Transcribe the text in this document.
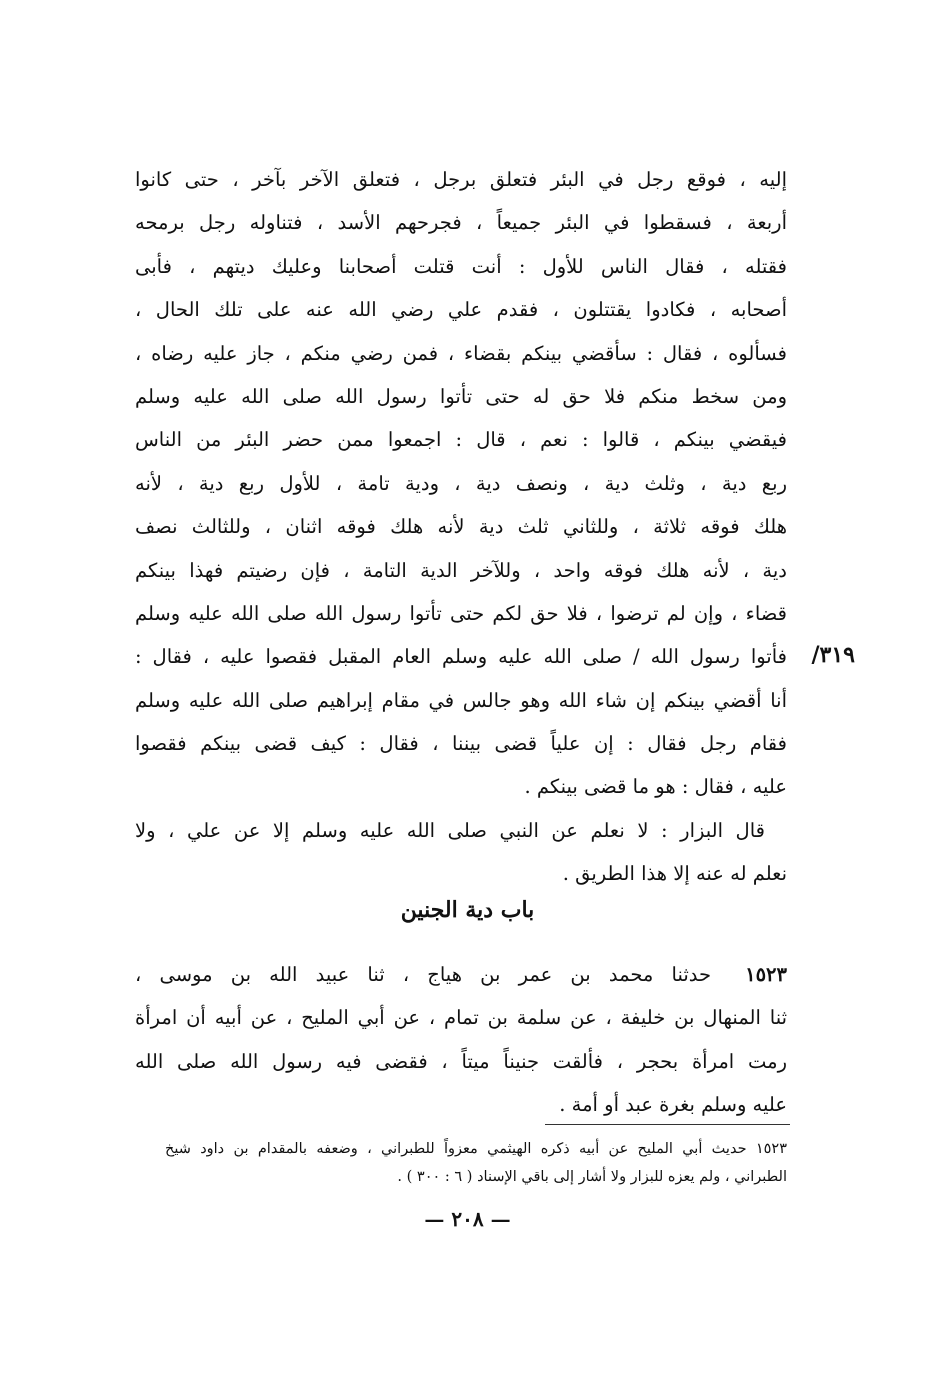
إليه ، فوقع رجل في البئر فتعلق برجل ، فتعلق الآخر بآخر ، حتى كانوا
أربعة ، فسقطوا في البئر جميعاً ، فجرحهم الأسد ، فتناوله رجل برمحه
فقتله ، فقال الناس للأول : أنت قتلت أصحابنا وعليك ديتهم ، فأبى
أصحابه ، فكادوا يقتتلون ، فقدم علي رضي الله عنه على تلك الحال ،
فسألوه ، فقال : سأقضي بينكم بقضاء ، فمن رضي منكم ، جاز عليه رضاه ،
ومن سخط منكم فلا حق له حتى تأتوا رسول الله صلى الله عليه وسلم
فيقضي بينكم ، قالوا : نعم ، قال : اجمعوا ممن حضر البئر من الناس
ربع دية ، وثلث دية ، ونصف دية ، ودية تامة ، للأول ربع دية ، لأنه
هلك فوقه ثلاثة ، وللثاني ثلث دية لأنه هلك فوقه اثنان ، وللثالث نصف
دية ، لأنه هلك فوقه واحد ، وللآخر الدية التامة ، فإن رضيتم فهذا بينكم
قضاء ، وإن لم ترضوا ، فلا حق لكم حتى تأتوا رسول الله صلى الله عليه وسلم
فأتوا رسول الله / صلى الله عليه وسلم العام المقبل فقصوا عليه ، فقال :
أنا أقضي بينكم إن شاء الله وهو جالس في مقام إبراهيم صلى الله عليه وسلم
فقام رجل فقال : إن علياً قضى بيننا ، فقال : كيف قضى بينكم فقصوا
عليه ، فقال : هو ما قضى بينكم .
قال البزار : لا نعلم عن النبي صلى الله عليه وسلم إلا عن علي ، ولا
نعلم له عنه إلا هذا الطريق .
٣١٩/
باب دية الجنين
١٥٢٣حدثنا محمد بن عمر بن هياج ، ثنا عبيد الله بن موسى ،
ثنا المنهال بن خليفة ، عن سلمة بن تمام ، عن أبي المليح ، عن أبيه أن امرأة
رمت امرأة بحجر ، فألقت جنيناً ميتاً ، فقضى فيه رسول الله صلى الله
عليه وسلم بغرة عبد أو أمة .
١٥٢٣ حديث أبي المليح عن أبيه ذكره الهيثمي معزواً للطبراني ، وضعفه بالمقدام بن داود شيخ
الطبراني ، ولم يعزه للبزار ولا أشار إلى باقي الإسناد ( ٦ : ٣٠٠ ) .
— ٢٠٨ —
